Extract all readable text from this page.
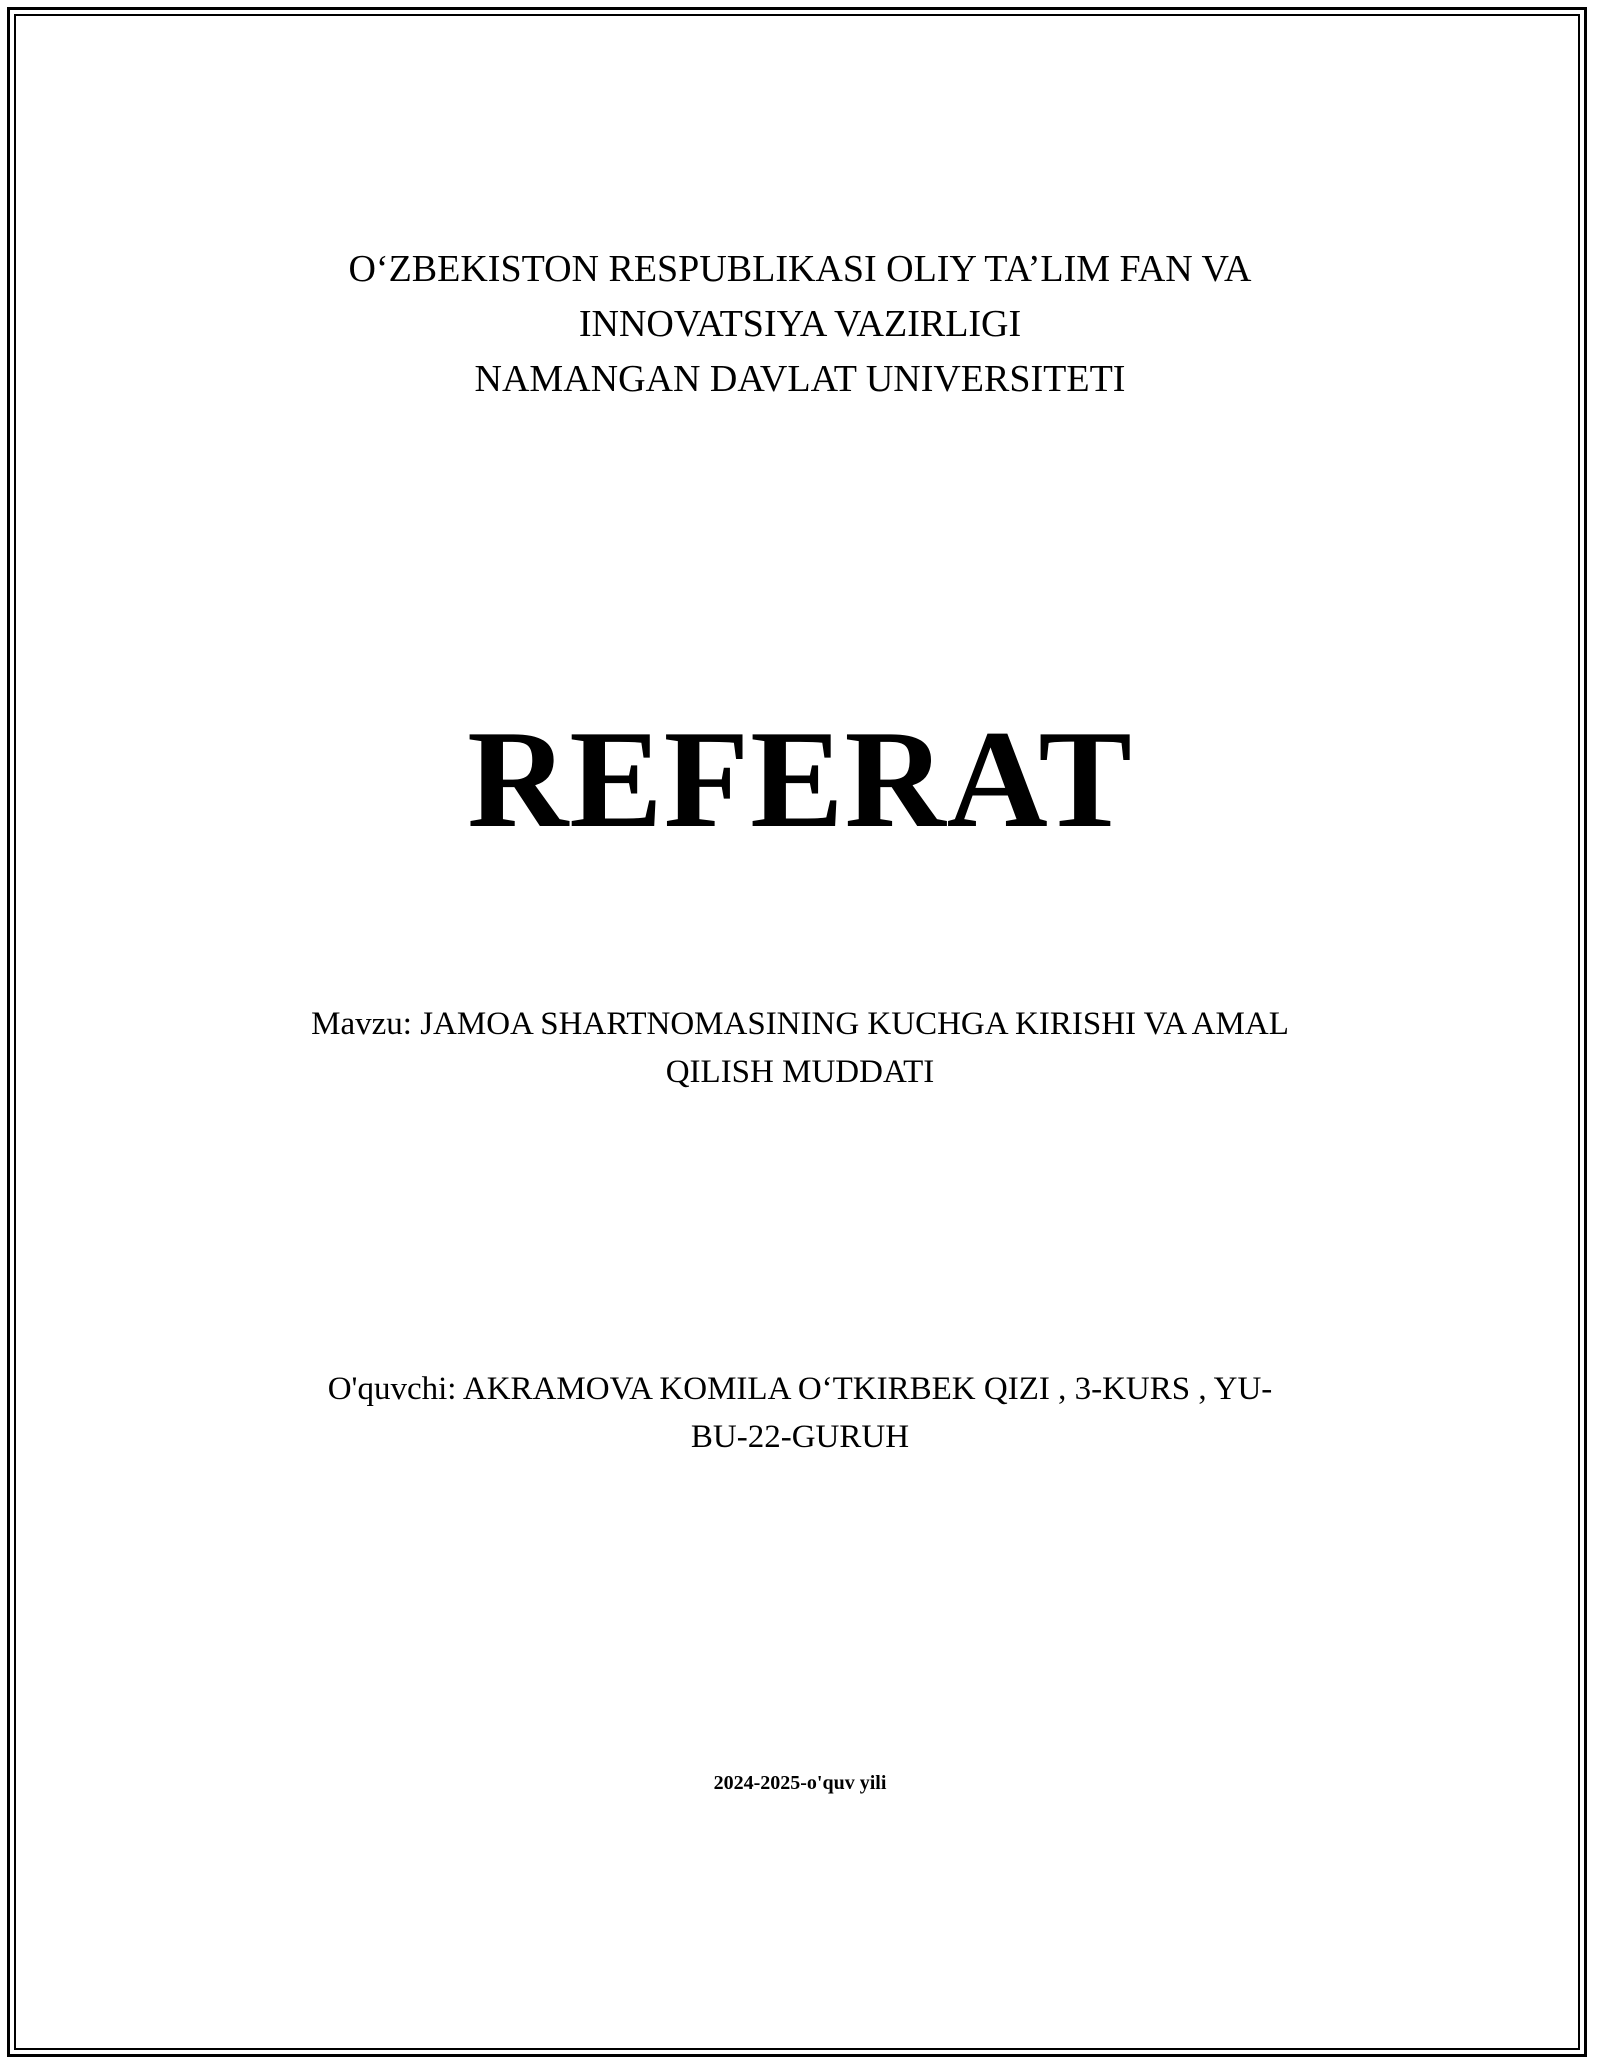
O‘ZBEKISTON RESPUBLIKASI OLIY TA’LIM FAN VA
INNOVATSIYA VAZIRLIGI
NAMANGAN DAVLAT UNIVERSITETI
REFERAT
Mavzu: JAMOA SHARTNOMASINING KUCHGA KIRISHI VA AMAL
QILISH MUDDATI
O'quvchi: AKRAMOVA KOMILA O‘TKIRBEK QIZI , 3-KURS , YU-
BU-22-GURUH
2024-2025-o'quv yili
